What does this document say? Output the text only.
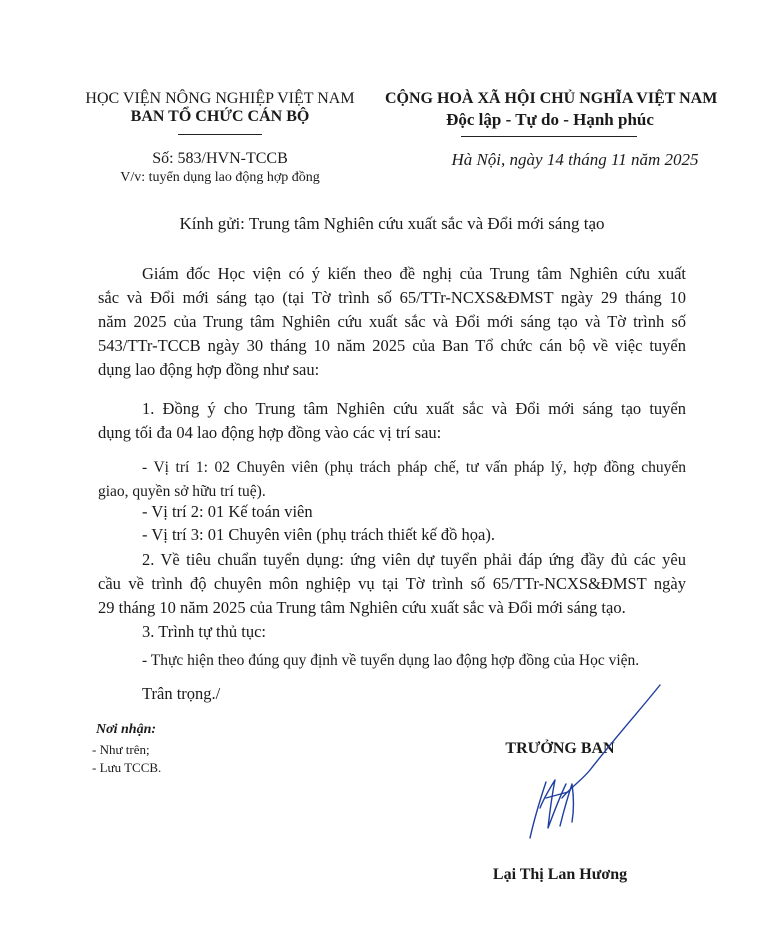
HỌC VIỆN NÔNG NGHIỆP VIỆT NAM
BAN TỔ CHỨC CÁN BỘ
Số: 583/HVN-TCCB
V/v: tuyển dụng lao động hợp đồng
CỘNG HOÀ XÃ HỘI CHỦ NGHĨA VIỆT NAM
Độc lập - Tự do - Hạnh phúc
Hà Nội, ngày 14 tháng 11 năm 2025
Kính gửi: Trung tâm Nghiên cứu xuất sắc và Đổi mới sáng tạo
Giám đốc Học viện có ý kiến theo đề nghị của Trung tâm Nghiên cứu xuất
sắc và Đổi mới sáng tạo (tại Tờ trình số 65/TTr-NCXS&ĐMST ngày 29 tháng 10
năm 2025 của Trung tâm Nghiên cứu xuất sắc và Đổi mới sáng tạo và Tờ trình số
543/TTr-TCCB ngày 30 tháng 10 năm 2025 của Ban Tổ chức cán bộ về việc tuyển
dụng lao động hợp đồng như sau:
1. Đồng ý cho Trung tâm Nghiên cứu xuất sắc và Đổi mới sáng tạo tuyển
dụng tối đa 04 lao động hợp đồng vào các vị trí sau:
- Vị trí 1: 02 Chuyên viên (phụ trách pháp chế, tư vấn pháp lý, hợp đồng chuyển
giao, quyền sở hữu trí tuệ).
- Vị trí 2: 01 Kế toán viên
- Vị trí 3: 01 Chuyên viên (phụ trách thiết kế đồ họa).
2. Về tiêu chuẩn tuyển dụng: ứng viên dự tuyển phải đáp ứng đầy đủ các yêu
cầu về trình độ chuyên môn nghiệp vụ tại Tờ trình số 65/TTr-NCXS&ĐMST ngày
29 tháng 10 năm 2025 của Trung tâm Nghiên cứu xuất sắc và Đổi mới sáng tạo.
3. Trình tự thủ tục:
- Thực hiện theo đúng quy định về tuyển dụng lao động hợp đồng của Học viện.
Trân trọng./
Nơi nhận:
- Như trên;
- Lưu TCCB.
TRƯỞNG BAN
Lại Thị Lan Hương
